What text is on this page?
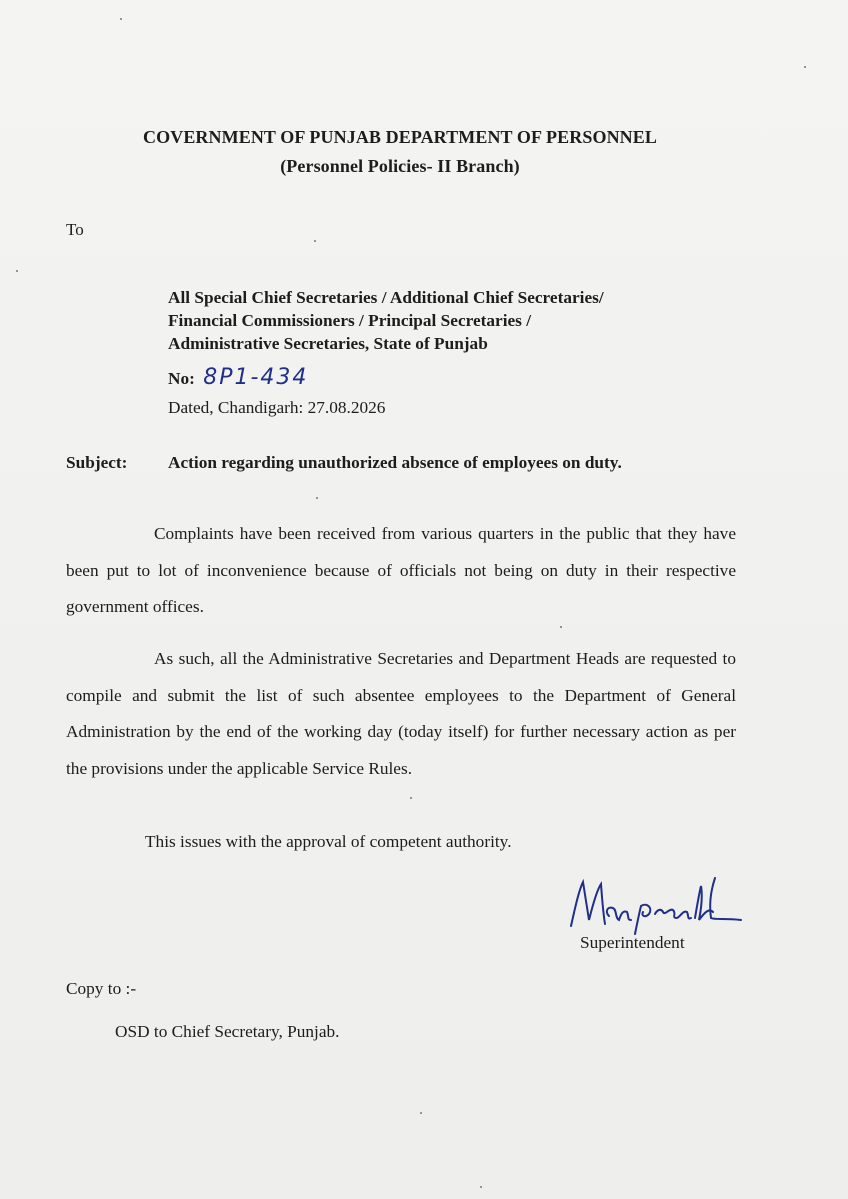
COVERNMENT OF PUNJAB DEPARTMENT OF PERSONNEL
(Personnel Policies- II Branch)
To
All Special Chief Secretaries / Additional Chief Secretaries/
Financial Commissioners / Principal Secretaries /
Administrative Secretaries, State of Punjab
No: 8P1-434
Dated, Chandigarh: 27.08.2026
Subject: Action regarding unauthorized absence of employees on duty.
Complaints have been received from various quarters in the public that they have been put to lot of inconvenience because of officials not being on duty in their respective government offices.
As such, all the Administrative Secretaries and Department Heads are requested to compile and submit the list of such absentee employees to the Department of General Administration by the end of the working day (today itself) for further necessary action as per the provisions under the applicable Service Rules.
This issues with the approval of competent authority.
Superintendent
Copy to :-
OSD to Chief Secretary, Punjab.
